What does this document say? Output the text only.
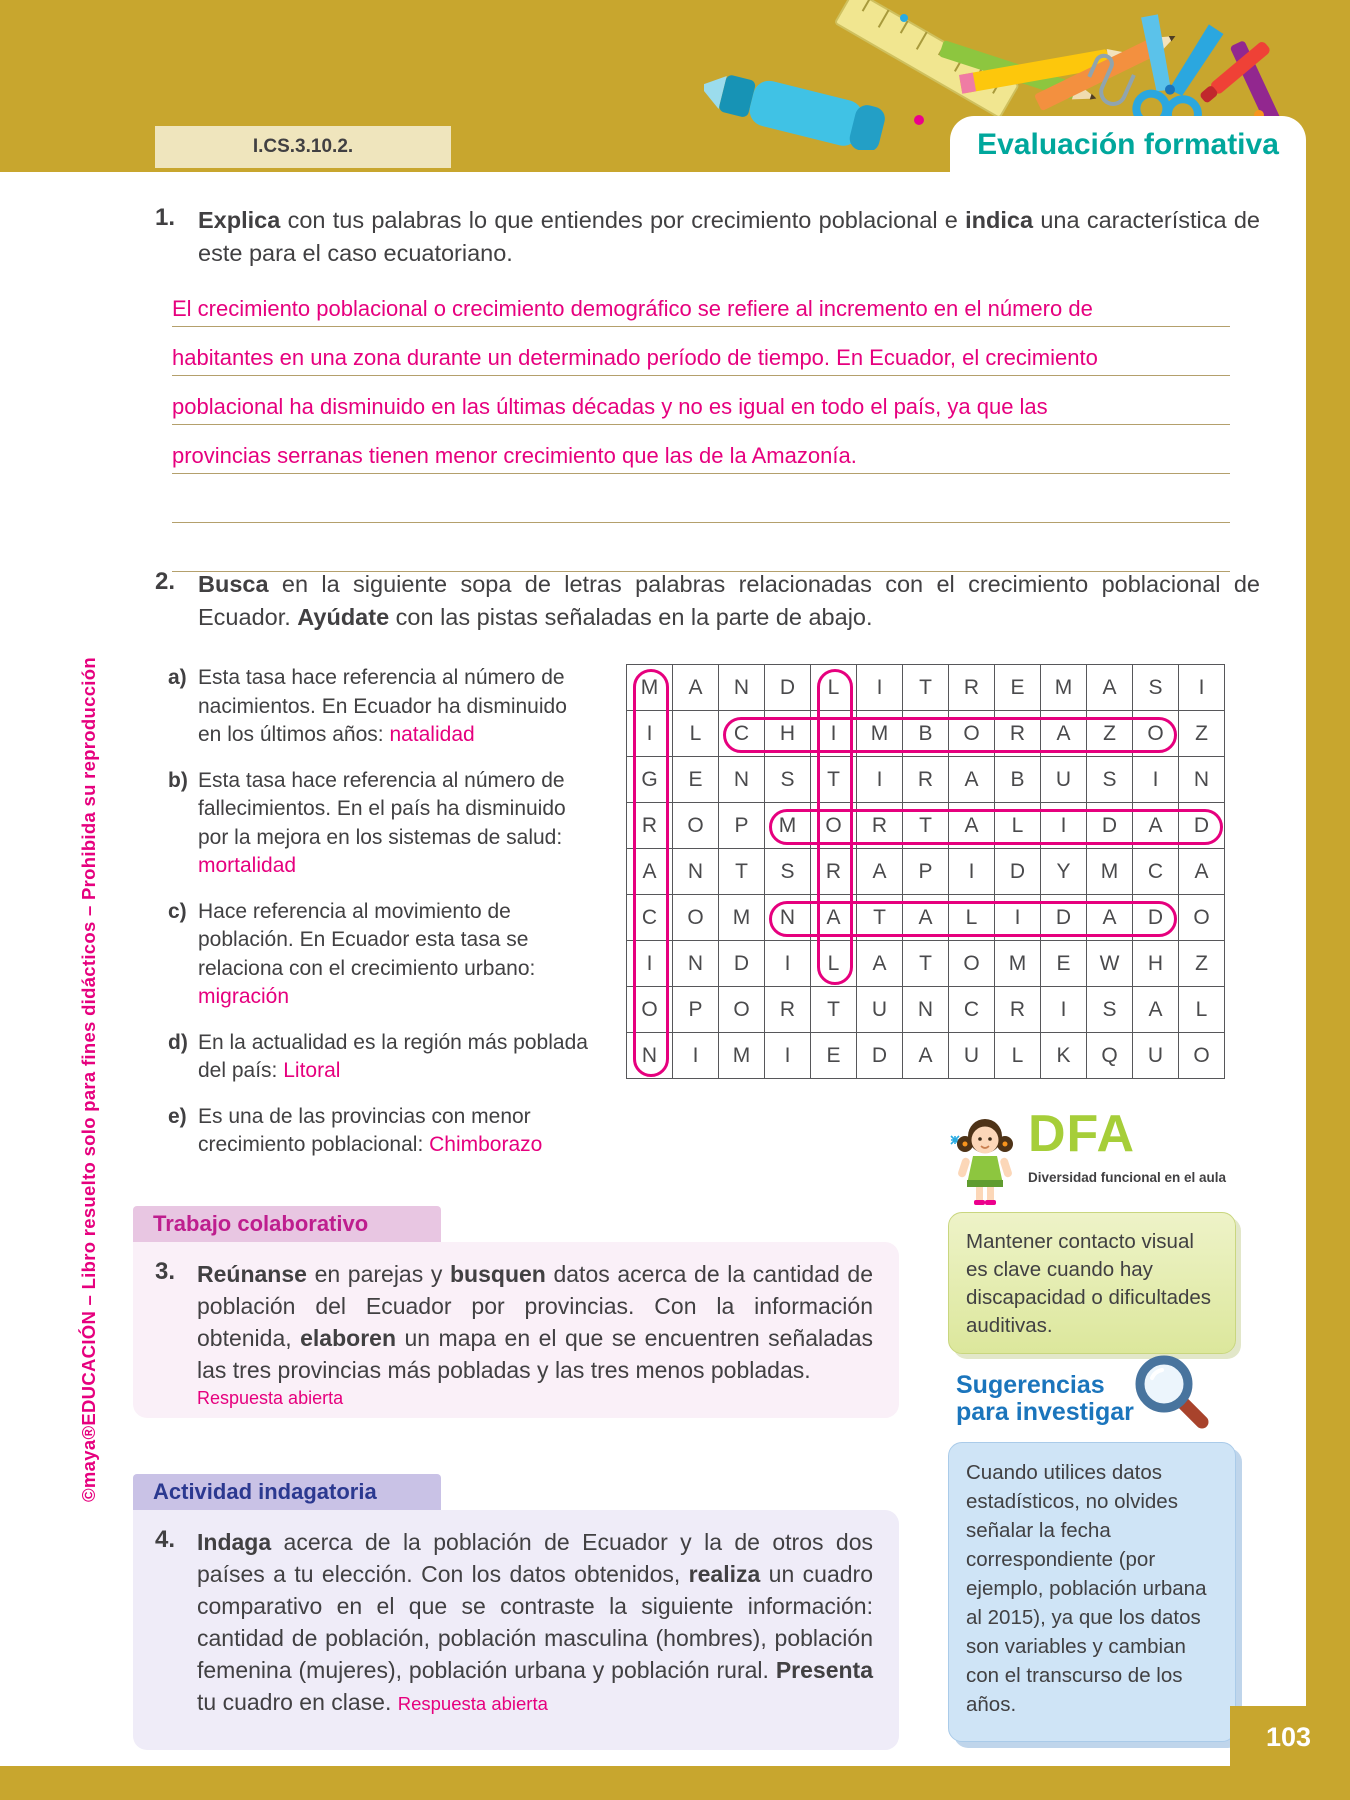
Evaluación formativa
I.CS.3.10.2.
©maya®EDUCACIÓN – Libro resuelto solo para fines didácticos – Prohibida su reproducción
1. Explica con tus palabras lo que entiendes por crecimiento poblacional e indica una característica de este para el caso ecuatoriano.
El crecimiento poblacional o crecimiento demográfico se refiere al incremento en el número de
habitantes en una zona durante un determinado período de tiempo. En Ecuador, el crecimiento
poblacional ha disminuido en las últimas décadas y no es igual en todo el país, ya que las
provincias serranas tienen menor crecimiento que las de la Amazonía.
2. Busca en la siguiente sopa de letras palabras relacionadas con el crecimiento poblacional de Ecuador. Ayúdate con las pistas señaladas en la parte de abajo.
a) Esta tasa hace referencia al número de nacimientos. En Ecuador ha disminuido en los últimos años: natalidad
b) Esta tasa hace referencia al número de fallecimientos. En el país ha disminuido por la mejora en los sistemas de salud: mortalidad
c) Hace referencia al movimiento de población. En Ecuador esta tasa se relaciona con el crecimiento urbano: migración
d) En la actualidad es la región más poblada del país: Litoral
e) Es una de las provincias con menor crecimiento poblacional: Chimborazo
M	A	N	D	L	I	T	R	E	M	A	S	I
I	L	C	H	I	M	B	O	R	A	Z	O	Z
G	E	N	S	T	I	R	A	B	U	S	I	N
R	O	P	M	O	R	T	A	L	I	D	A	D
A	N	T	S	R	A	P	I	D	Y	M	C	A
C	O	M	N	A	T	A	L	I	D	A	D	O
I	N	D	I	L	A	T	O	M	E	W	H	Z
O	P	O	R	T	U	N	C	R	I	S	A	L
N	I	M	I	E	D	A	U	L	K	Q	U	O
DFA
Diversidad funcional en el aula
Mantener contacto visual es clave cuando hay discapacidad o dificultades auditivas.
Sugerencias
para investigar
Cuando utilices datos estadísticos, no olvides señalar la fecha correspondiente (por ejemplo, población urbana al 2015), ya que los datos son variables y cambian con el transcurso de los años.
Trabajo colaborativo
3. Reúnanse en parejas y busquen datos acerca de la cantidad de población del Ecuador por provincias. Con la información obtenida, elaboren un mapa en el que se encuentren señaladas las tres provincias más pobladas y las tres menos pobladas.
Respuesta abierta
Actividad indagatoria
4. Indaga acerca de la población de Ecuador y la de otros dos países a tu elección. Con los datos obtenidos, realiza un cuadro comparativo en el que se contraste la siguiente información: cantidad de población, población masculina (hombres), población femenina (mujeres), población urbana y población rural. Presenta tu cuadro en clase. Respuesta abierta
103
